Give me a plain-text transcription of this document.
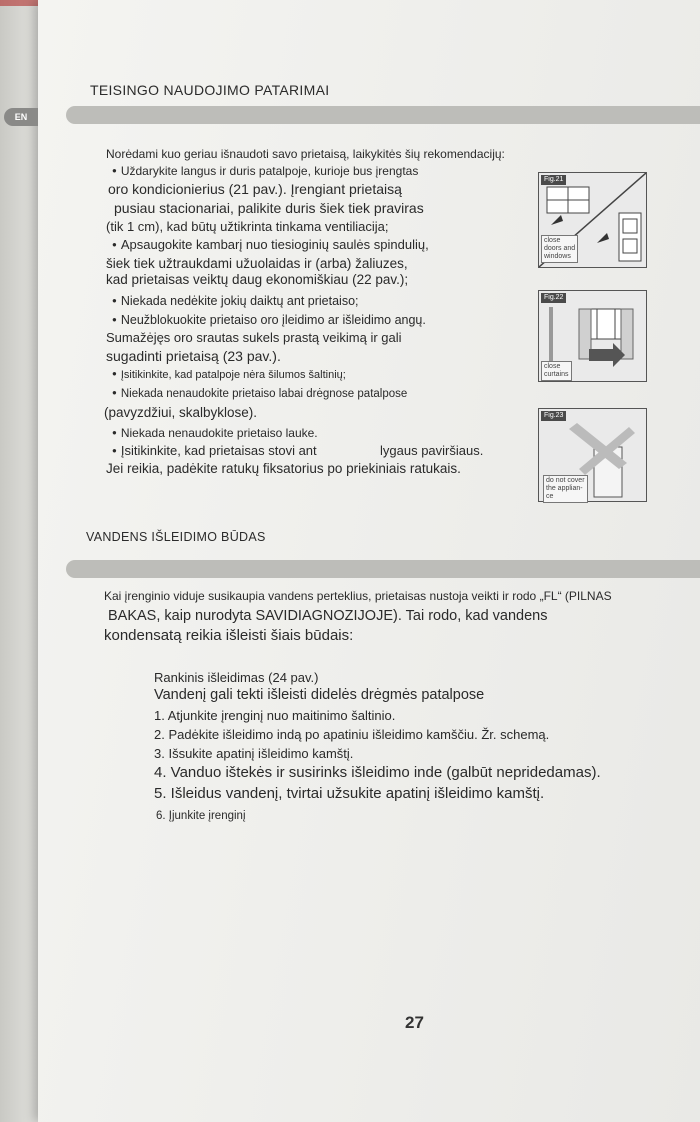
EN
TEISINGO NAUDOJIMO PATARIMAI
Norėdami kuo geriau išnaudoti savo prietaisą, laikykitės šių rekomendacijų:
● Uždarykite langus ir duris patalpoje, kurioje bus įrengtas
oro kondicionierius (21 pav.). Įrengiant prietaisą
pusiau stacionariai, palikite duris šiek tiek praviras
(tik 1 cm), kad būtų užtikrinta tinkama ventiliacija;
● Apsaugokite kambarį nuo tiesioginių saulės spindulių,
šiek tiek užtraukdami užuolaidas ir (arba) žaliuzes,
kad prietaisas veiktų daug ekonomiškiau (22 pav.);
● Niekada nedėkite jokių daiktų ant prietaiso;
● Neužblokuokite prietaiso oro įleidimo ar išleidimo angų.
Sumažėjęs oro srautas sukels prastą veikimą ir gali
sugadinti prietaisą (23 pav.).
● Įsitikinkite, kad patalpoje nėra šilumos šaltinių;
● Niekada nenaudokite prietaiso labai drėgnose patalpose
(pavyzdžiui, skalbyklose).
● Niekada nenaudokite prietaiso lauke.
● Įsitikinkite, kad prietaisas stovi ant	lygaus paviršiaus.
Jei reikia, padėkite ratukų fiksatorius po priekiniais ratukais.
Fig.21
close
doors and
windows
Fig.22
close
curtains
Fig.23
do not cover
the applian-
ce
VANDENS IŠLEIDIMO BŪDAS
Kai įrenginio viduje susikaupia vandens perteklius, prietaisas nustoja veikti ir rodo „FL“ (PILNAS
BAKAS, kaip nurodyta SAVIDIAGNOZIJOJE). Tai rodo, kad vandens
kondensatą reikia išleisti šiais būdais:
Rankinis išleidimas (24 pav.)
Vandenį gali tekti išleisti didelės drėgmės patalpose
1. Atjunkite įrenginį nuo maitinimo šaltinio.
2. Padėkite išleidimo indą po apatiniu išleidimo kamščiu. Žr. schemą.
3. Išsukite apatinį išleidimo kamštį.
4. Vanduo ištekės ir susirinks išleidimo inde (galbūt nepridedamas).
5. Išleidus vandenį, tvirtai užsukite apatinį išleidimo kamštį.
6. Įjunkite įrenginį
27
